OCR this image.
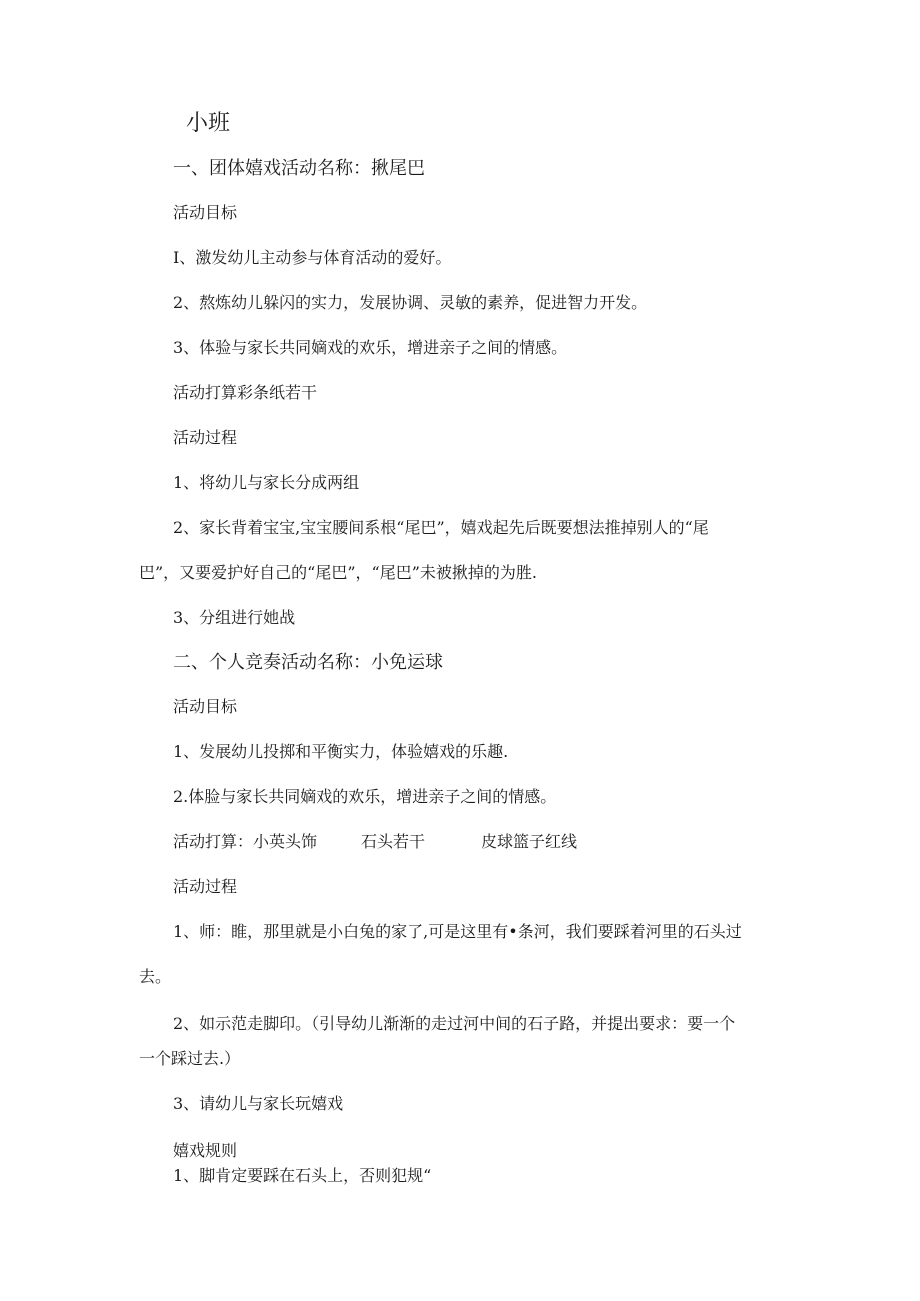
小班
一、团体嬉戏活动名称：揪尾巴
活动目标
I、激发幼儿主动参与体育活动的爱好。
2、熬炼幼儿躲闪的实力，发展协调、灵敏的素养，促进智力开发。
3、体验与家长共同嫡戏的欢乐，增进亲子之间的情感。
活动打算彩条纸若干
活动过程
1、将幼儿与家长分成两组
2、家长背着宝宝,宝宝腰间系根“尾巴”，嬉戏起先后既要想法推掉别人的“尾
巴”，又要爱护好自己的“尾巴”，“尾巴”未被揪掉的为胜.
3、分组进行她战
二、个人竞奏活动名称：小免运球
活动目标
1、发展幼儿投掷和平衡实力，体验嬉戏的乐趣.
2.体脸与家长共同嫡戏的欢乐，增进亲子之间的情感。
活动打算：小英头饰	石头若干	皮球篮子红线
活动过程
1、师：睢，那里就是小白兔的家了,可是这里有•条河，我们要踩着河里的石头过
去。
2、如示范走脚印。（引导幼儿渐渐的走过河中间的石子路，并提出要求：要一个
一个踩过去.）
3、请幼儿与家长玩嬉戏
嬉戏规则
1、脚肯定要踩在石头上，否则犯规“
